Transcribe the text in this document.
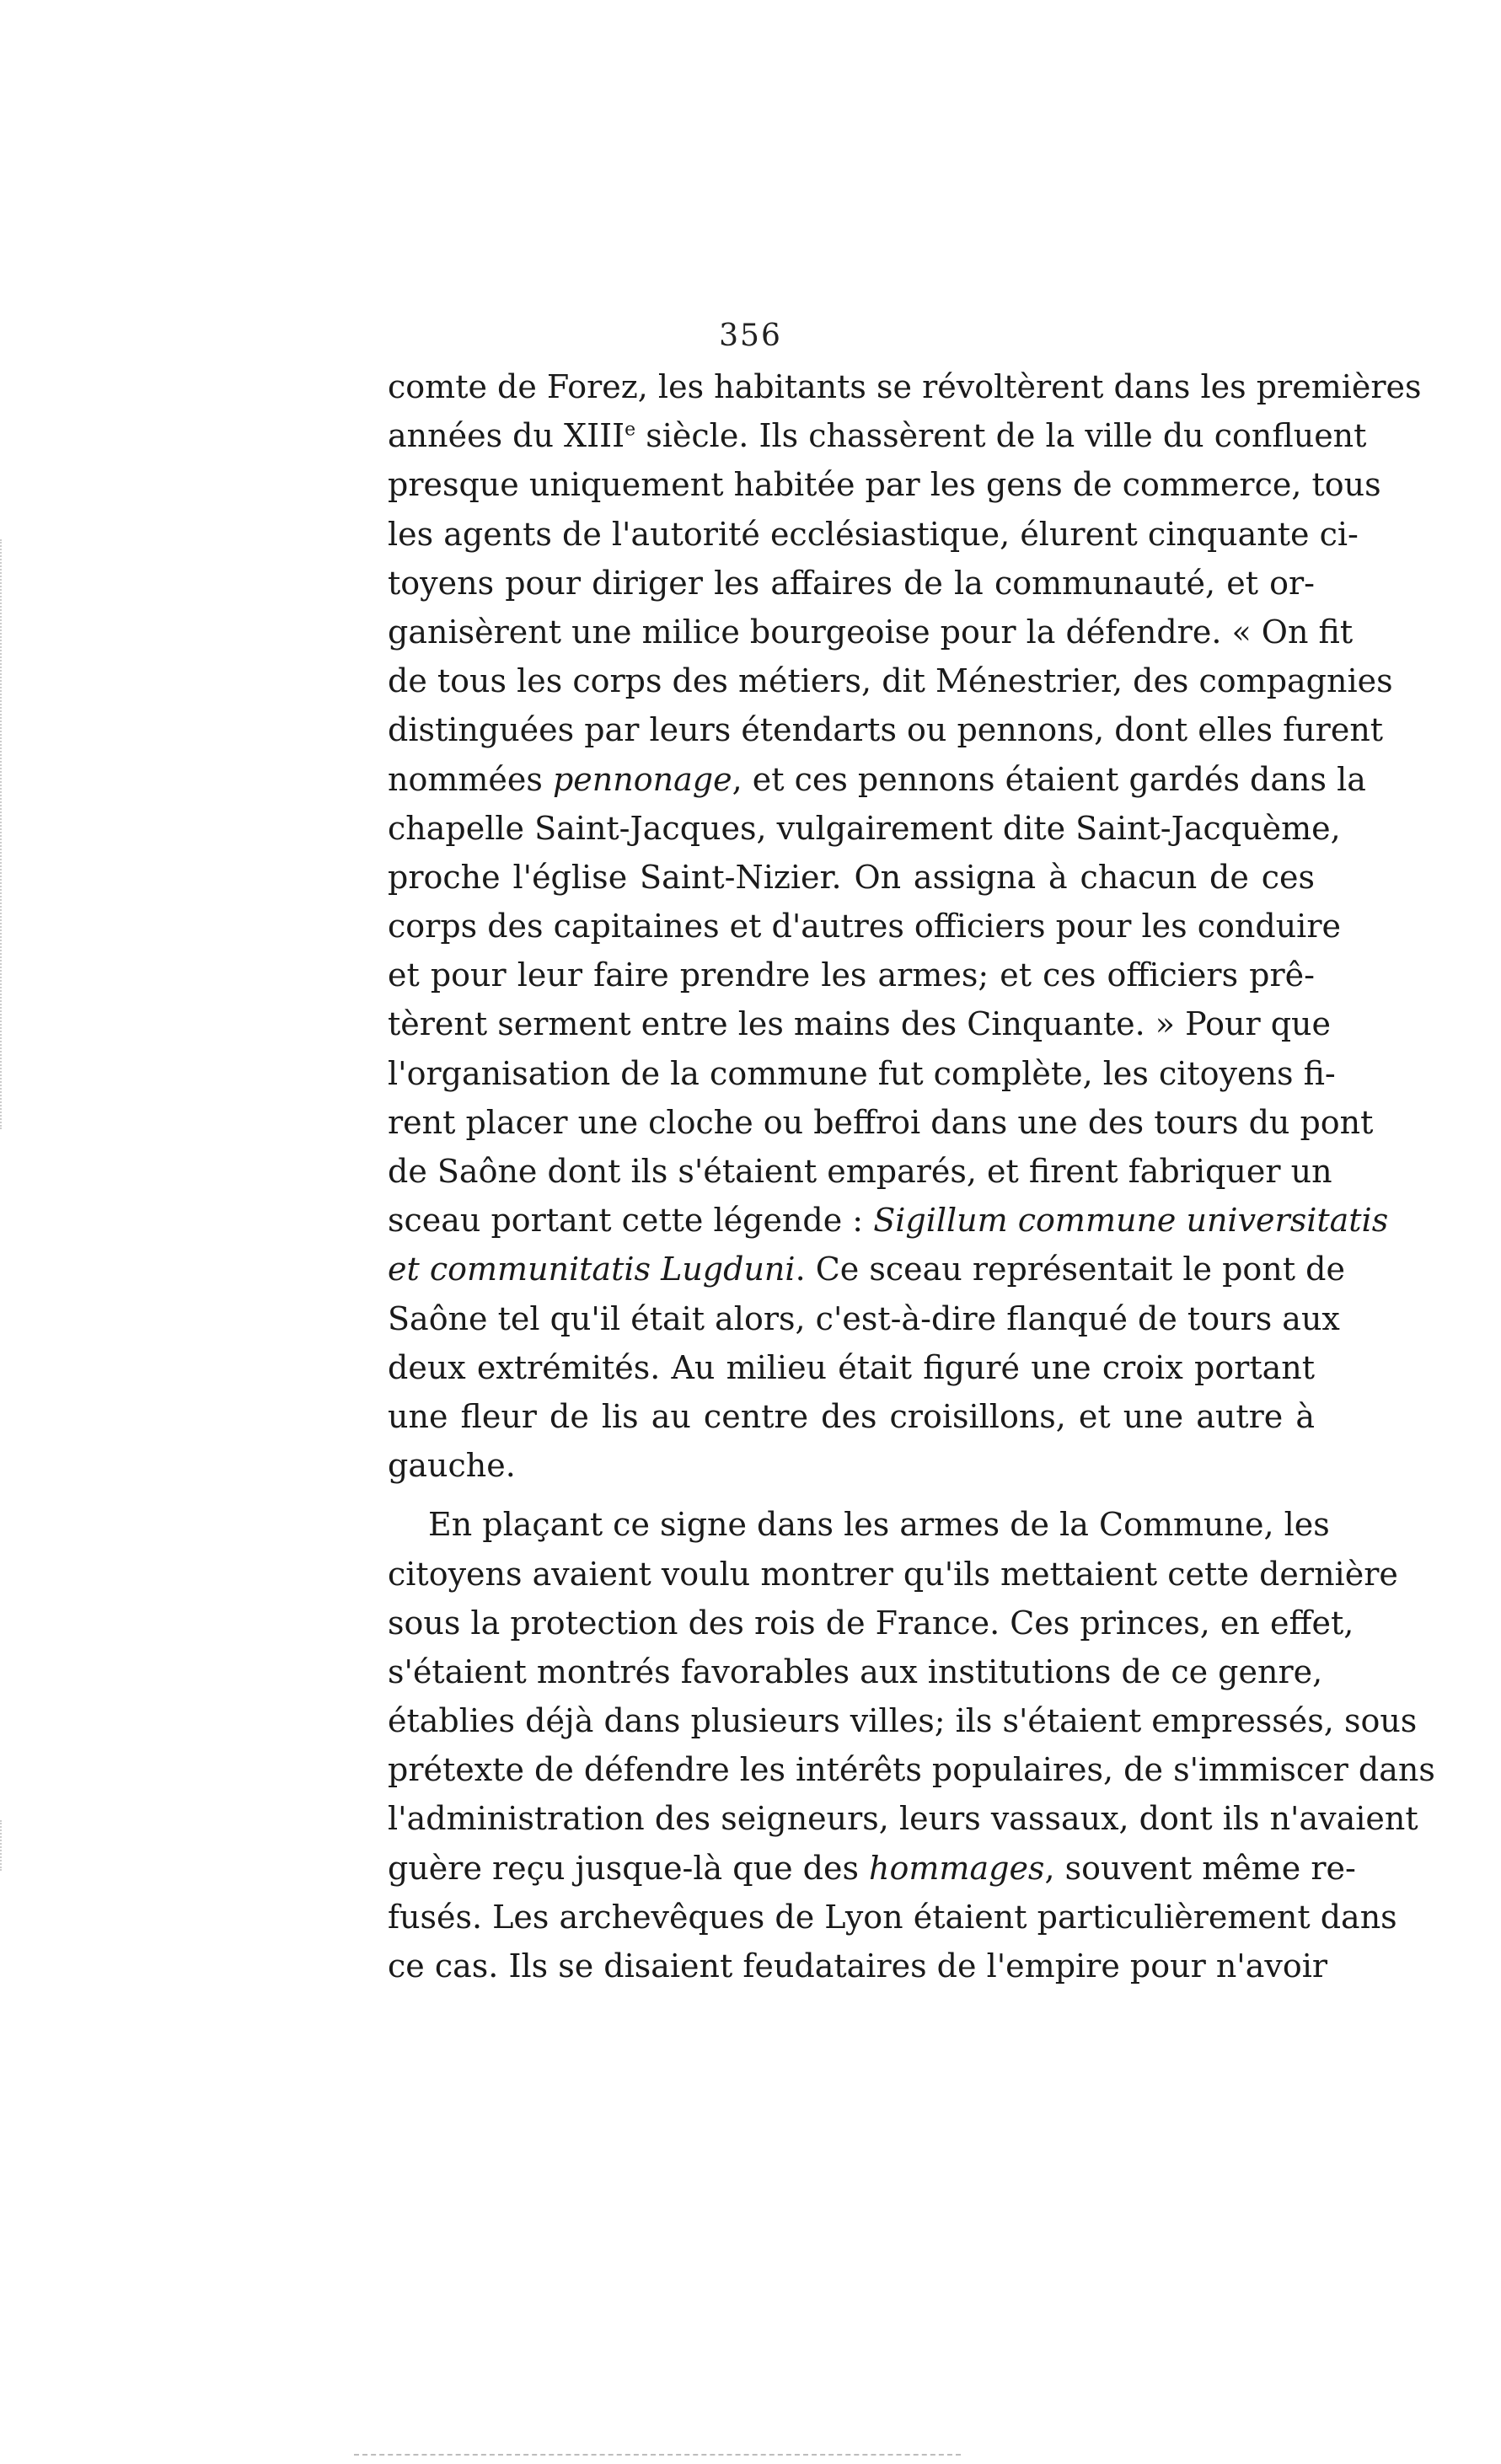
356
comte de Forez, les habitants se révoltèrent dans les premières
années du XIIIe siècle. Ils chassèrent de la ville du confluent
presque uniquement habitée par les gens de commerce, tous
les agents de l'autorité ecclésiastique, élurent cinquante ci-
toyens pour diriger les affaires de la communauté, et or-
ganisèrent une milice bourgeoise pour la défendre. « On fit
de tous les corps des métiers, dit Ménestrier, des compagnies
distinguées par leurs étendarts ou pennons, dont elles furent
nommées pennonage, et ces pennons étaient gardés dans la
chapelle Saint-Jacques, vulgairement dite Saint-Jacquème,
proche l'église Saint-Nizier. On assigna à chacun de ces
corps des capitaines et d'autres officiers pour les conduire
et pour leur faire prendre les armes; et ces officiers prê-
tèrent serment entre les mains des Cinquante. » Pour que
l'organisation de la commune fut complète, les citoyens fi-
rent placer une cloche ou beffroi dans une des tours du pont
de Saône dont ils s'étaient emparés, et firent fabriquer un
sceau portant cette légende : Sigillum commune universitatis
et communitatis Lugduni. Ce sceau représentait le pont de
Saône tel qu'il était alors, c'est-à-dire flanqué de tours aux
deux extrémités. Au milieu était figuré une croix portant
une fleur de lis au centre des croisillons, et une autre à
gauche.
En plaçant ce signe dans les armes de la Commune, les
citoyens avaient voulu montrer qu'ils mettaient cette dernière
sous la protection des rois de France. Ces princes, en effet,
s'étaient montrés favorables aux institutions de ce genre,
établies déjà dans plusieurs villes; ils s'étaient empressés, sous
prétexte de défendre les intérêts populaires, de s'immiscer dans
l'administration des seigneurs, leurs vassaux, dont ils n'avaient
guère reçu jusque-là que des hommages, souvent même re-
fusés. Les archevêques de Lyon étaient particulièrement dans
ce cas. Ils se disaient feudataires de l'empire pour n'avoir
